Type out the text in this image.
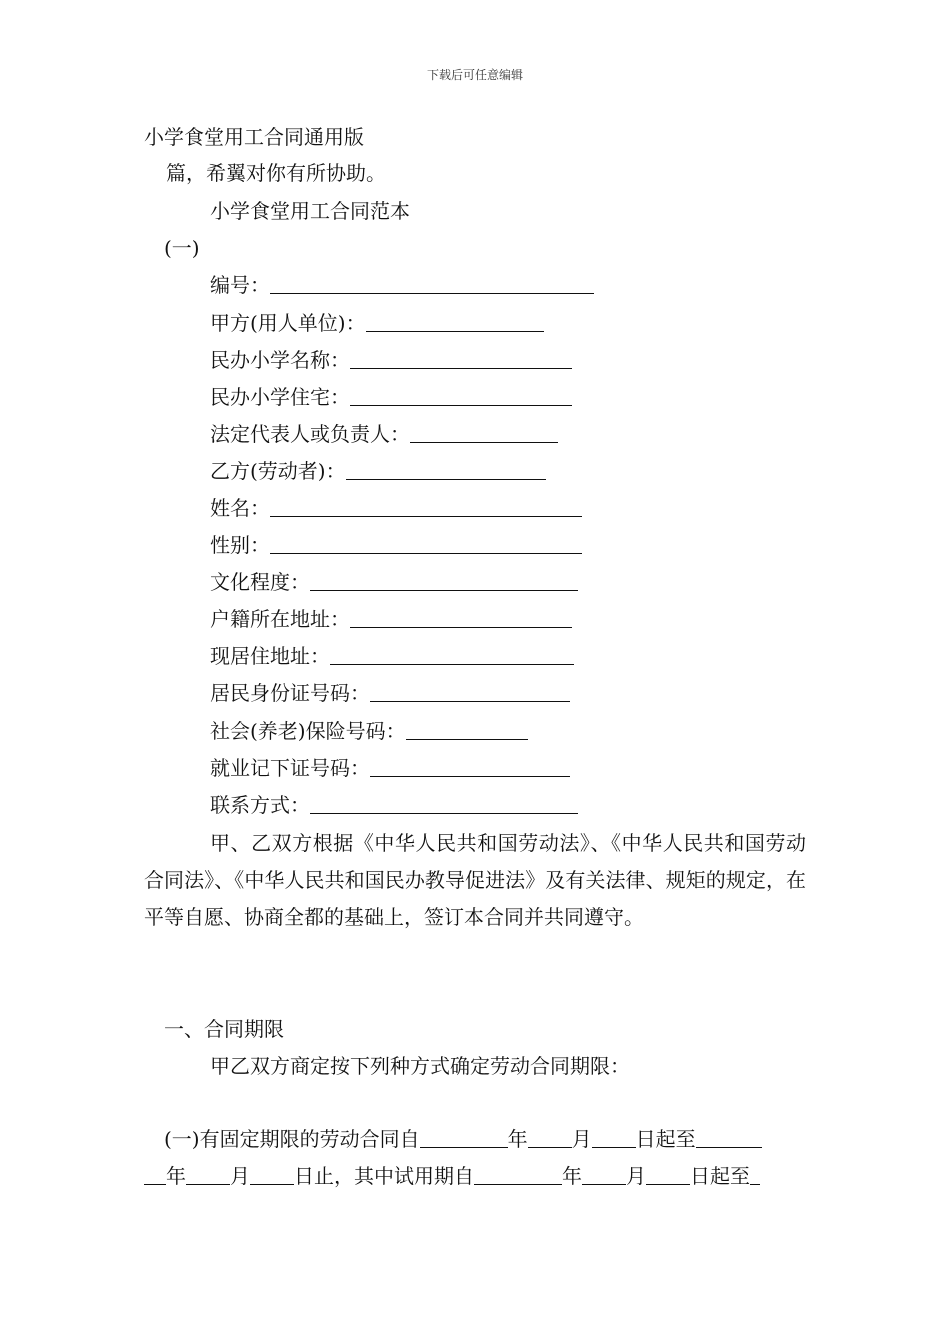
下载后可任意编辑
小学食堂用工合同通用版
篇，希翼对你有所协助。
小学食堂用工合同范本
(一)
编号：
甲方(用人单位)：
民办小学名称：
民办小学住宅：
法定代表人或负责人：
乙方(劳动者)：
姓名：
性别：
文化程度：
户籍所在地址：
现居住地址：
居民身份证号码：
社会(养老)保险号码：
就业记下证号码：
联系方式：
甲、乙双方根据《中华人民共和国劳动法》、《中华人民共和国劳动合同法》、《中华人民共和国民办教导促进法》及有关法律、规矩的规定，在平等自愿、协商全都的基础上，签订本合同并共同遵守。
一、合同期限
甲乙双方商定按下列种方式确定劳动合同期限：
(一)有固定期限的劳动合同自	年 月 日起至
年 月 日止，其中试用期自	年 月 日起至
